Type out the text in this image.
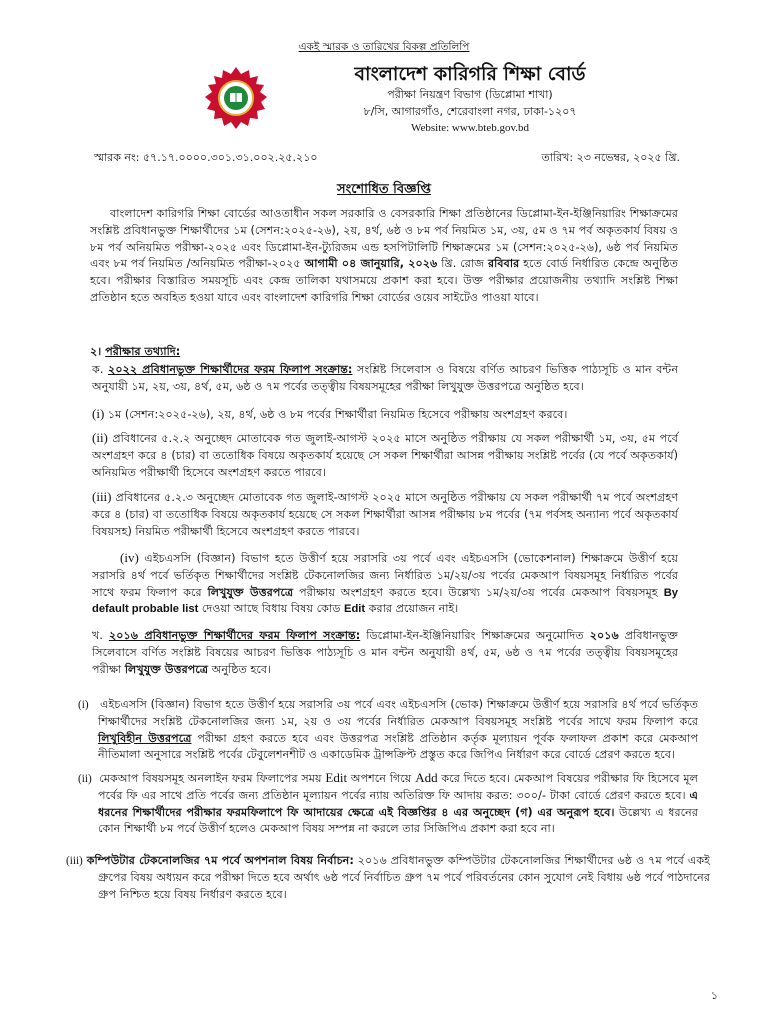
একই স্মারক ও তারিখের বিকল্প প্রতিলিপি
বাংলাদেশ কারিগরি শিক্ষা বোর্ড
পরীক্ষা নিয়ন্ত্রণ বিভাগ (ডিপ্লোমা শাখা)
৮/সি, আগারগাঁও, শেরেবাংলা নগর, ঢাকা-১২০৭
Website: www.bteb.gov.bd
স্মারক নং: ৫৭.১৭.০০০০.৩০১.৩১.০০২.২৫.২১০	তারিখ: ২৩ নভেম্বর, ২০২৫ খ্রি.
সংশোধিত বিজ্ঞপ্তি
বাংলাদেশ কারিগরি শিক্ষা বোর্ডের আওতাধীন সকল সরকারি ও বেসরকারি শিক্ষা প্রতিষ্ঠানের ডিপ্লোমা-ইন-ইঞ্জিনিয়ারিং শিক্ষাক্রমের সংশ্লিষ্ট প্রবিধানভুক্ত শিক্ষার্থীদের ১ম (সেশন:২০২৫-২৬), ২য়, ৪র্থ, ৬ষ্ঠ ও ৮ম পর্ব নিয়মিত ১ম, ৩য়, ৫ম ও ৭ম পর্ব অকৃতকার্য বিষয় ও ৮ম পর্ব অনিয়মিত পরীক্ষা-২০২৫ এবং ডিপ্লোমা-ইন-ট্যুরিজম এন্ড হসপিটালিটি শিক্ষাক্রমের ১ম (সেশন:২০২৫-২৬), ৬ষ্ঠ পর্ব নিয়মিত এবং ৮ম পর্ব নিয়মিত /অনিয়মিত পরীক্ষা-২০২৫ আগামী ০৪ জানুয়ারি, ২০২৬ খ্রি. রোজ রবিবার হতে বোর্ড নির্ধারিত কেন্দ্রে অনুষ্ঠিত হবে। পরীক্ষার বিস্তারিত সময়সূচি এবং কেন্দ্র তালিকা যথাসময়ে প্রকাশ করা হবে। উক্ত পরীক্ষার প্রয়োজনীয় তথ্যাদি সংশ্লিষ্ট শিক্ষা প্রতিষ্ঠান হতে অবহিত হওয়া যাবে এবং বাংলাদেশ কারিগরি শিক্ষা বোর্ডের ওয়েব সাইটেও পাওয়া যাবে।
২। পরীক্ষার তথ্যাদি:
ক. ২০২২ প্রবিধানভুক্ত শিক্ষার্থীদের ফরম ফিলাপ সংক্রান্ত: সংশ্লিষ্ট সিলেবাস ও বিষয়ে বর্ণিত আচরণ ভিত্তিক পাঠ্যসূচি ও মান বন্টন অনুযায়ী ১ম, ২য়, ৩য়, ৪র্থ, ৫ম, ৬ষ্ঠ ও ৭ম পর্বের তত্ত্বীয় বিষয়সমূহের পরীক্ষা লিখুযুক্ত উত্তরপত্রে অনুষ্ঠিত হবে।
(i) ১ম (সেশন:২০২৫-২৬), ২য়, ৪র্থ, ৬ষ্ঠ ও ৮ম পর্বের শিক্ষার্থীরা নিয়মিত হিসেবে পরীক্ষায় অংশগ্রহণ করবে।
(ii) প্রবিধানের ৫.২.২ অনুচ্ছেদ মোতাবেক গত জুলাই-আগস্ট ২০২৫ মাসে অনুষ্ঠিত পরীক্ষায় যে সকল পরীক্ষার্থী ১ম, ৩য়, ৫ম পর্বে অংশগ্রহণ করে ৪ (চার) বা ততোধিক বিষয়ে অকৃতকার্য হয়েছে সে সকল শিক্ষার্থীরা আসন্ন পরীক্ষায় সংশ্লিষ্ট পর্বের (যে পর্বে অকৃতকার্য) অনিয়মিত পরীক্ষার্থী হিসেবে অংশগ্রহণ করতে পারবে।
(iii) প্রবিধানের ৫.২.৩ অনুচ্ছেদ মোতাবেক গত জুলাই-আগস্ট ২০২৫ মাসে অনুষ্ঠিত পরীক্ষায় যে সকল পরীক্ষার্থী ৭ম পর্বে অংশগ্রহণ করে ৪ (চার) বা ততোধিক বিষয়ে অকৃতকার্য হয়েছে সে সকল শিক্ষার্থীরা আসন্ন পরীক্ষায় ৮ম পর্বের (৭ম পর্বসহ অন্যান্য পর্বে অকৃতকার্য বিষয়সহ) নিয়মিত পরীক্ষার্থী হিসেবে অংশগ্রহণ করতে পারবে।
(iv) এইচএসসি (বিজ্ঞান) বিভাগ হতে উত্তীর্ণ হয়ে সরাসরি ৩য় পর্বে এবং এইচএসসি (ভোকেশনাল) শিক্ষাক্রমে উত্তীর্ণ হয়ে সরাসরি ৪র্থ পর্বে ভর্তিকৃত শিক্ষার্থীদের সংশ্লিষ্ট টেকনোলজির জন্য নির্ধারিত ১ম/২য়/৩য় পর্বের মেকআপ বিষয়সমূহ নির্ধারিত পর্বের সাথে ফরম ফিলাপ করে লিখুযুক্ত উত্তরপত্রে পরীক্ষায় অংশগ্রহণ করতে হবে। উল্লেখ্য ১ম/২য়/৩য় পর্বের মেকআপ বিষয়সমূহ By default probable list দেওয়া আছে বিধায় বিষয় কোড Edit করার প্রয়োজন নাই।
খ. ২০১৬ প্রবিধানভুক্ত শিক্ষার্থীদের ফরম ফিলাপ সংক্রান্ত: ডিপ্লোমা-ইন-ইঞ্জিনিয়ারিং শিক্ষাক্রমের অনুমোদিত ২০১৬ প্রবিধানভুক্ত সিলেবাসে বর্ণিত সংশ্লিষ্ট বিষয়ের আচরণ ভিত্তিক পাঠ্যসূচি ও মান বন্টন অনুযায়ী ৪র্থ, ৫ম, ৬ষ্ঠ ও ৭ম পর্বের তত্ত্বীয় বিষয়সমূহের পরীক্ষা লিখুযুক্ত উত্তরপত্রে অনুষ্ঠিত হবে।
(i) এইচএসসি (বিজ্ঞান) বিভাগ হতে উত্তীর্ণ হয়ে সরাসরি ৩য় পর্বে এবং এইচএসসি (ভোক) শিক্ষাক্রমে উত্তীর্ণ হয়ে সরাসরি ৪র্থ পর্বে ভর্তিকৃত শিক্ষার্থীদের সংশ্লিষ্ট টেকনোলজির জন্য ১ম, ২য় ও ৩য় পর্বের নির্ধারিত মেকআপ বিষয়সমূহ সংশ্লিষ্ট পর্বের সাথে ফরম ফিলাপ করে লিখুবিহীন উত্তরপত্রে পরীক্ষা গ্রহণ করতে হবে এবং উত্তরপত্র সংশ্লিষ্ট প্রতিষ্ঠান কর্তৃক মূল্যায়ন পূর্বক ফলাফল প্রকাশ করে মেকআপ নীতিমালা অনুসারে সংশ্লিষ্ট পর্বের টেবুলেশনশীট ও একাডেমিক ট্রান্সক্রিপ্ট প্রস্তুত করে জিপিএ নির্ধারণ করে বোর্ডে প্রেরণ করতে হবে।
(ii) মেকআপ বিষয়সমূহ অনলাইন ফরম ফিলাপের সময় Edit অপশনে গিয়ে Add করে দিতে হবে। মেকআপ বিষয়ের পরীক্ষার ফি হিসেবে মূল পর্বের ফি এর সাথে প্রতি পর্বের জন্য প্রতিষ্ঠান মূল্যায়ন পর্বের ন্যায় অতিরিক্ত ফি আদায় করত: ৩০০/- টাকা বোর্ডে প্রেরণ করতে হবে। এ ধরনের শিক্ষার্থীদের পরীক্ষার ফরমফিলাপে ফি আদায়ের ক্ষেত্রে এই বিজ্ঞপ্তির ৪ এর অনুচ্ছেদ (গ) এর অনুরূপ হবে। উল্লেখ্য এ ধরনের কোন শিক্ষার্থী ৮ম পর্বে উত্তীর্ণ হলেও মেকআপ বিষয় সম্পন্ন না করলে তার সিজিপিএ প্রকাশ করা হবে না।
(iii) কম্পিউটার টেকনোলজির ৭ম পর্বে অপশনাল বিষয় নির্বাচন: ২০১৬ প্রবিধানভুক্ত কম্পিউটার টেকনোলজির শিক্ষার্থীদের ৬ষ্ঠ ও ৭ম পর্বে একই গ্রুপের বিষয় অধ্যয়ন করে পরীক্ষা দিতে হবে অর্থাৎ ৬ষ্ঠ পর্বে নির্বাচিত গ্রুপ ৭ম পর্বে পরিবর্তনের কোন সুযোগ নেই বিধায় ৬ষ্ঠ পর্বে পাঠদানের গ্রুপ নিশ্চিত হয়ে বিষয় নির্ধারণ করতে হবে।
১
